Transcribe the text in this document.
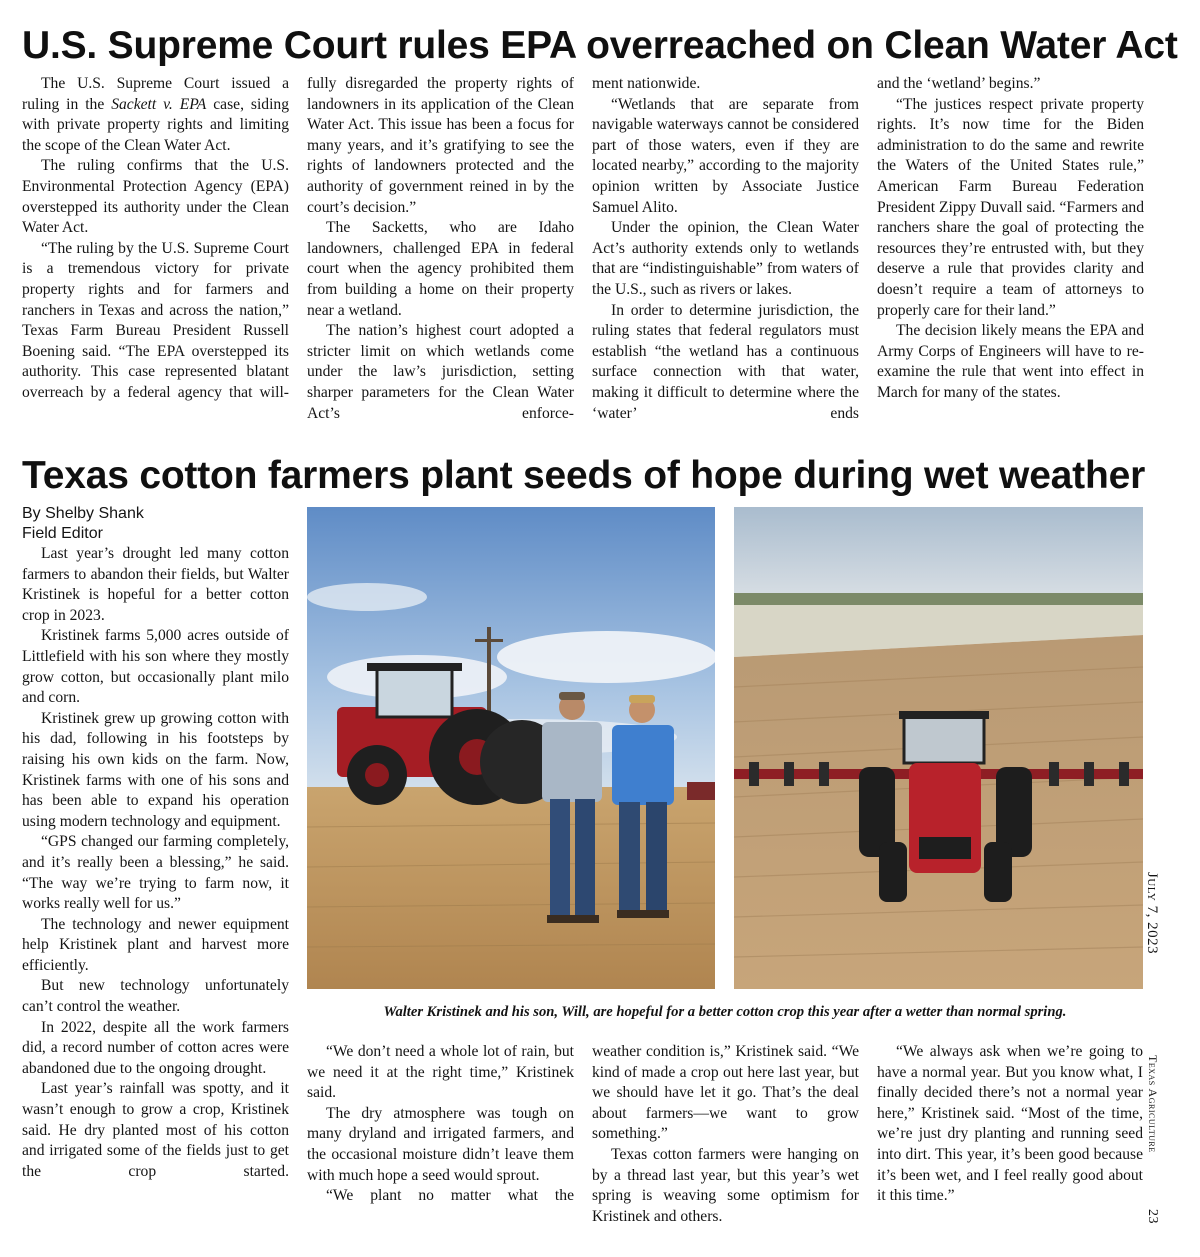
U.S. Supreme Court rules EPA overreached on Clean Water Act

The U.S. Supreme Court issued a ruling in the Sackett v. EPA case, siding with private property rights and limiting the scope of the Clean Water Act.

The ruling confirms that the U.S. Environmental Protection Agency (EPA) overstepped its authority under the Clean Water Act.

“The ruling by the U.S. Supreme Court is a tremendous victory for private property rights and for farmers and ranchers in Texas and across the nation,” Texas Farm Bureau President Russell Boening said. “The EPA overstepped its authority. This case represented blatant overreach by a federal agency that will-

fully disregarded the property rights of landowners in its application of the Clean Water Act. This issue has been a focus for many years, and it’s gratifying to see the rights of landowners protected and the authority of government reined in by the court’s decision.”

The Sacketts, who are Idaho landowners, challenged EPA in federal court when the agency prohibited them from building a home on their property near a wetland.

The nation’s highest court adopted a stricter limit on which wetlands come under the law’s jurisdiction, setting sharper parameters for the Clean Water Act’s enforce-

ment nationwide.

“Wetlands that are separate from navigable waterways cannot be considered part of those waters, even if they are located nearby,” according to the majority opinion written by Associate Justice Samuel Alito.

Under the opinion, the Clean Water Act’s authority extends only to wetlands that are “indistinguishable” from waters of the U.S., such as rivers or lakes.

In order to determine jurisdiction, the ruling states that federal regulators must establish “the wetland has a continuous surface connection with that water, making it difficult to determine where the ‘water’ ends

and the ‘wetland’ begins.”

“The justices respect private property rights. It’s now time for the Biden administration to do the same and rewrite the Waters of the United States rule,” American Farm Bureau Federation President Zippy Duvall said. “Farmers and ranchers share the goal of protecting the resources they’re entrusted with, but they deserve a rule that provides clarity and doesn’t require a team of attorneys to properly care for their land.”

The decision likely means the EPA and Army Corps of Engineers will have to re-examine the rule that went into effect in March for many of the states.

Texas cotton farmers plant seeds of hope during wet weather

By Shelby Shank
Field Editor

Last year’s drought led many cotton farmers to abandon their fields, but Walter Kristinek is hopeful for a better cotton crop in 2023.

Kristinek farms 5,000 acres outside of Littlefield with his son where they mostly grow cotton, but occasionally plant milo and corn.

Kristinek grew up growing cotton with his dad, following in his footsteps by raising his own kids on the farm. Now, Kristinek farms with one of his sons and has been able to expand his operation using modern technology and equipment.

“GPS changed our farming completely, and it’s really been a blessing,” he said. “The way we’re trying to farm now, it works really well for us.”

The technology and newer equipment help Kristinek plant and harvest more efficiently.

But new technology unfortunately can’t control the weather.

In 2022, despite all the work farmers did, a record number of cotton acres were abandoned due to the ongoing drought.

Last year’s rainfall was spotty, and it wasn’t enough to grow a crop, Kristinek said. He dry planted most of his cotton and irrigated some of the fields just to get the crop started.

Walter Kristinek and his son, Will, are hopeful for a better cotton crop this year after a wetter than normal spring.

“We don’t need a whole lot of rain, but we need it at the right time,” Kristinek said.

The dry atmosphere was tough on many dryland and irrigated farmers, and the occasional moisture didn’t leave them with much hope a seed would sprout.

“We plant no matter what the

weather condition is,” Kristinek said. “We kind of made a crop out here last year, but we should have let it go. That’s the deal about farmers—we want to grow something.”

Texas cotton farmers were hanging on by a thread last year, but this year’s wet spring is weaving some optimism for Kristinek and others.

“We always ask when we’re going to have a normal year. But you know what, I finally decided there’s not a normal year here,” Kristinek said. “Most of the time, we’re just dry planting and running seed into dirt. This year, it’s been good because it’s been wet, and I feel really good about it this time.”

July 7, 2023
Texas Agriculture
23
